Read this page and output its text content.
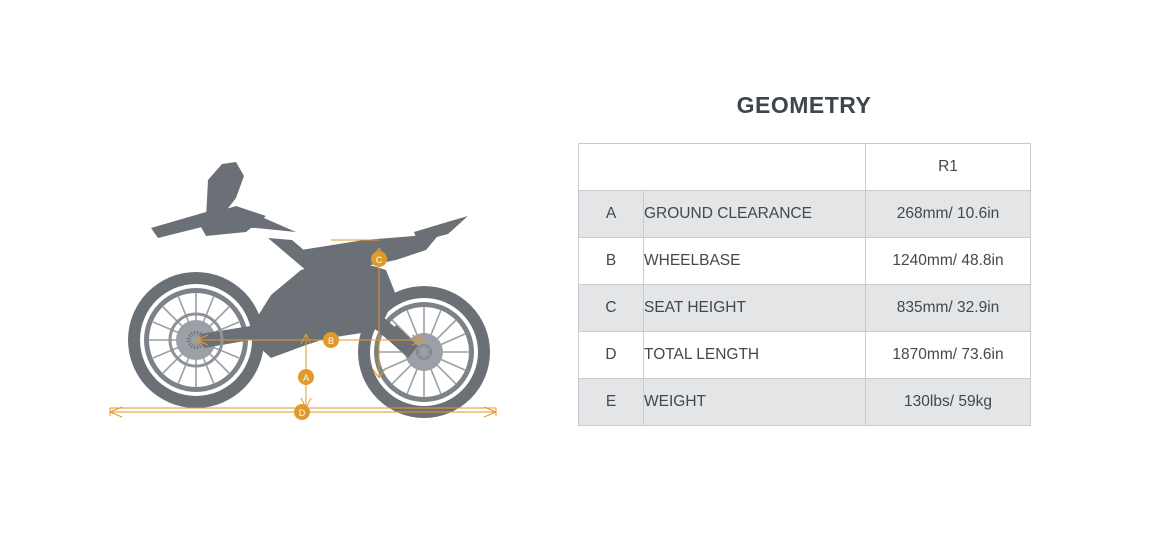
C
B
A
D
GEOMETRY
		R1
A	GROUND CLEARANCE	268mm/ 10.6in
B	WHEELBASE	1240mm/ 48.8in
C	SEAT HEIGHT	835mm/ 32.9in
D	TOTAL LENGTH	1870mm/ 73.6in
E	WEIGHT	130lbs/ 59kg
